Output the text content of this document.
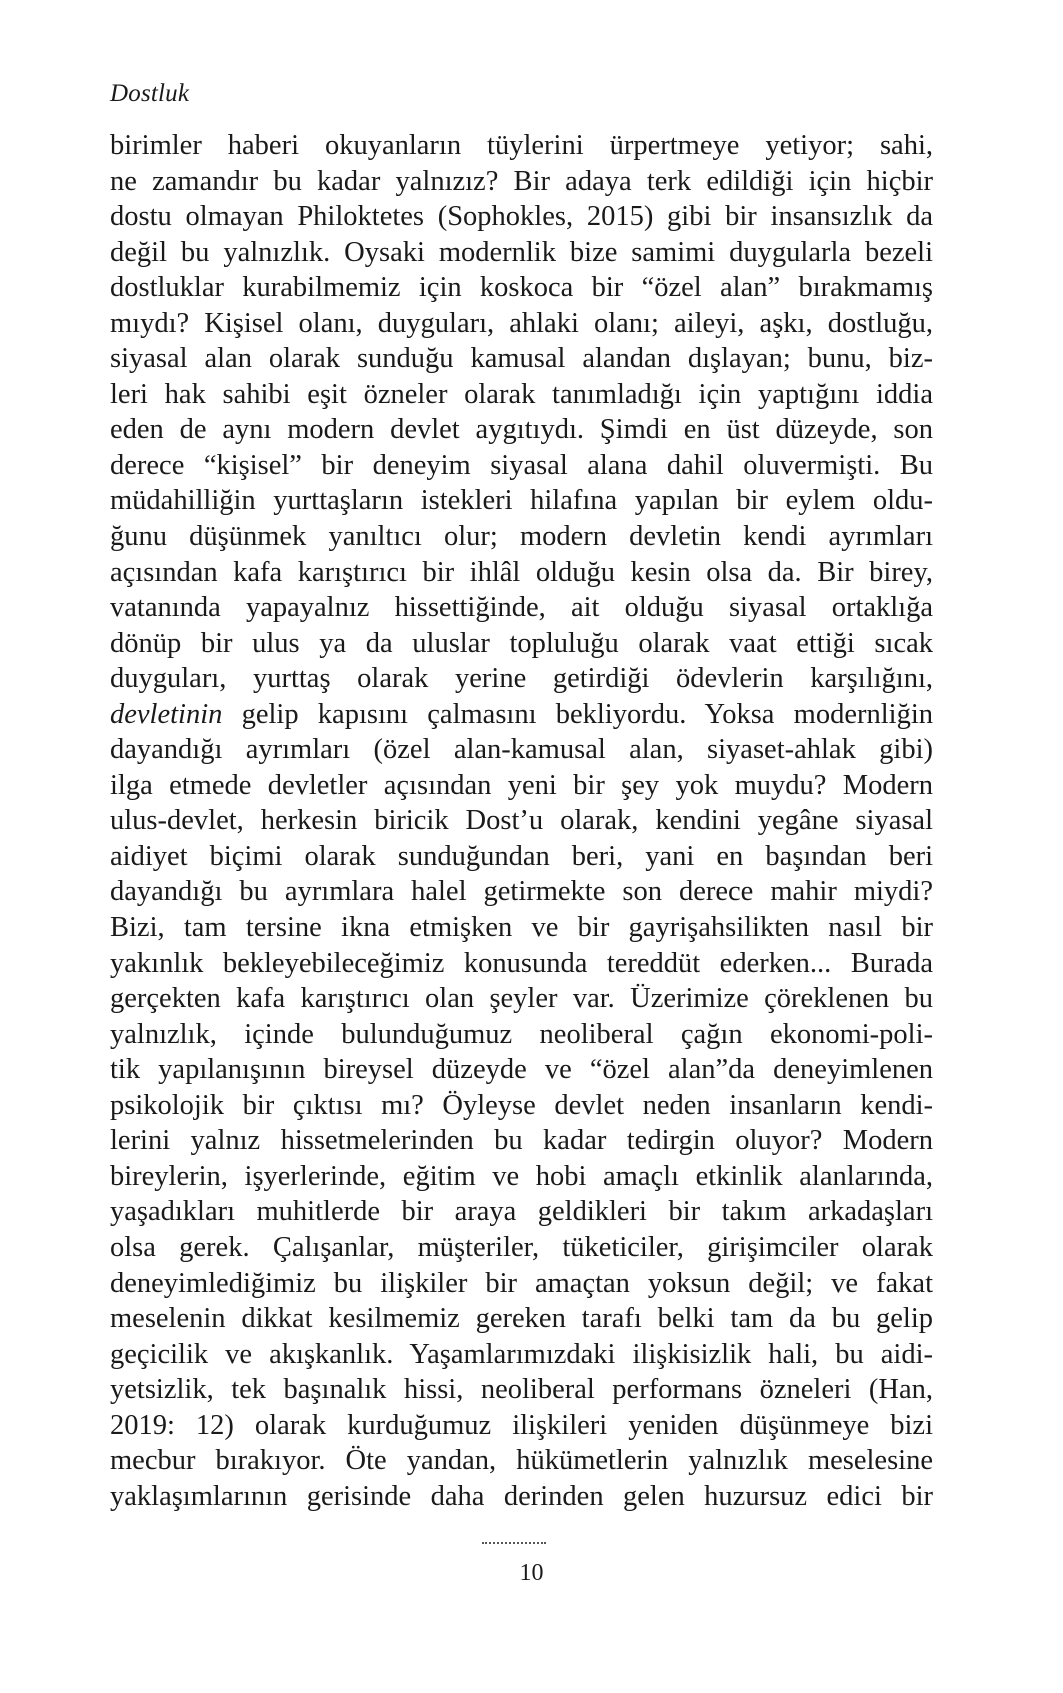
Dostluk
birimler haberi okuyanların tüylerini ürpertmeye yetiyor; sahi,
ne zamandır bu kadar yalnızız? Bir adaya terk edildiği için hiçbir
dostu olmayan Philoktetes (Sophokles, 2015) gibi bir insansızlık da
değil bu yalnızlık. Oysaki modernlik bize samimi duygularla bezeli
dostluklar kurabilmemiz için koskoca bir “özel alan” bırakmamış
mıydı? Kişisel olanı, duyguları, ahlaki olanı; aileyi, aşkı, dostluğu,
siyasal alan olarak sunduğu kamusal alandan dışlayan; bunu, biz-
leri hak sahibi eşit özneler olarak tanımladığı için yaptığını iddia
eden de aynı modern devlet aygıtıydı. Şimdi en üst düzeyde, son
derece “kişisel” bir deneyim siyasal alana dahil oluvermişti. Bu
müdahilliğin yurttaşların istekleri hilafına yapılan bir eylem oldu-
ğunu düşünmek yanıltıcı olur; modern devletin kendi ayrımları
açısından kafa karıştırıcı bir ihlâl olduğu kesin olsa da. Bir birey,
vatanında yapayalnız hissettiğinde, ait olduğu siyasal ortaklığa
dönüp bir ulus ya da uluslar topluluğu olarak vaat ettiği sıcak
duyguları, yurttaş olarak yerine getirdiği ödevlerin karşılığını,
devletinin gelip kapısını çalmasını bekliyordu. Yoksa modernliğin
dayandığı ayrımları (özel alan-kamusal alan, siyaset-ahlak gibi)
ilga etmede devletler açısından yeni bir şey yok muydu? Modern
ulus-devlet, herkesin biricik Dost’u olarak, kendini yegâne siyasal
aidiyet biçimi olarak sunduğundan beri, yani en başından beri
dayandığı bu ayrımlara halel getirmekte son derece mahir miydi?
Bizi, tam tersine ikna etmişken ve bir gayrişahsilikten nasıl bir
yakınlık bekleyebileceğimiz konusunda tereddüt ederken... Burada
gerçekten kafa karıştırıcı olan şeyler var. Üzerimize çöreklenen bu
yalnızlık, içinde bulunduğumuz neoliberal çağın ekonomi-poli-
tik yapılanışının bireysel düzeyde ve “özel alan”da deneyimlenen
psikolojik bir çıktısı mı? Öyleyse devlet neden insanların kendi-
lerini yalnız hissetmelerinden bu kadar tedirgin oluyor? Modern
bireylerin, işyerlerinde, eğitim ve hobi amaçlı etkinlik alanlarında,
yaşadıkları muhitlerde bir araya geldikleri bir takım arkadaşları
olsa gerek. Çalışanlar, müşteriler, tüketiciler, girişimciler olarak
deneyimlediğimiz bu ilişkiler bir amaçtan yoksun değil; ve fakat
meselenin dikkat kesilmemiz gereken tarafı belki tam da bu gelip
geçicilik ve akışkanlık. Yaşamlarımızdaki ilişkisizlik hali, bu aidi-
yetsizlik, tek başınalık hissi, neoliberal performans özneleri (Han,
2019: 12) olarak kurduğumuz ilişkileri yeniden düşünmeye bizi
mecbur bırakıyor. Öte yandan, hükümetlerin yalnızlık meselesine
yaklaşımlarının gerisinde daha derinden gelen huzursuz edici bir
10
